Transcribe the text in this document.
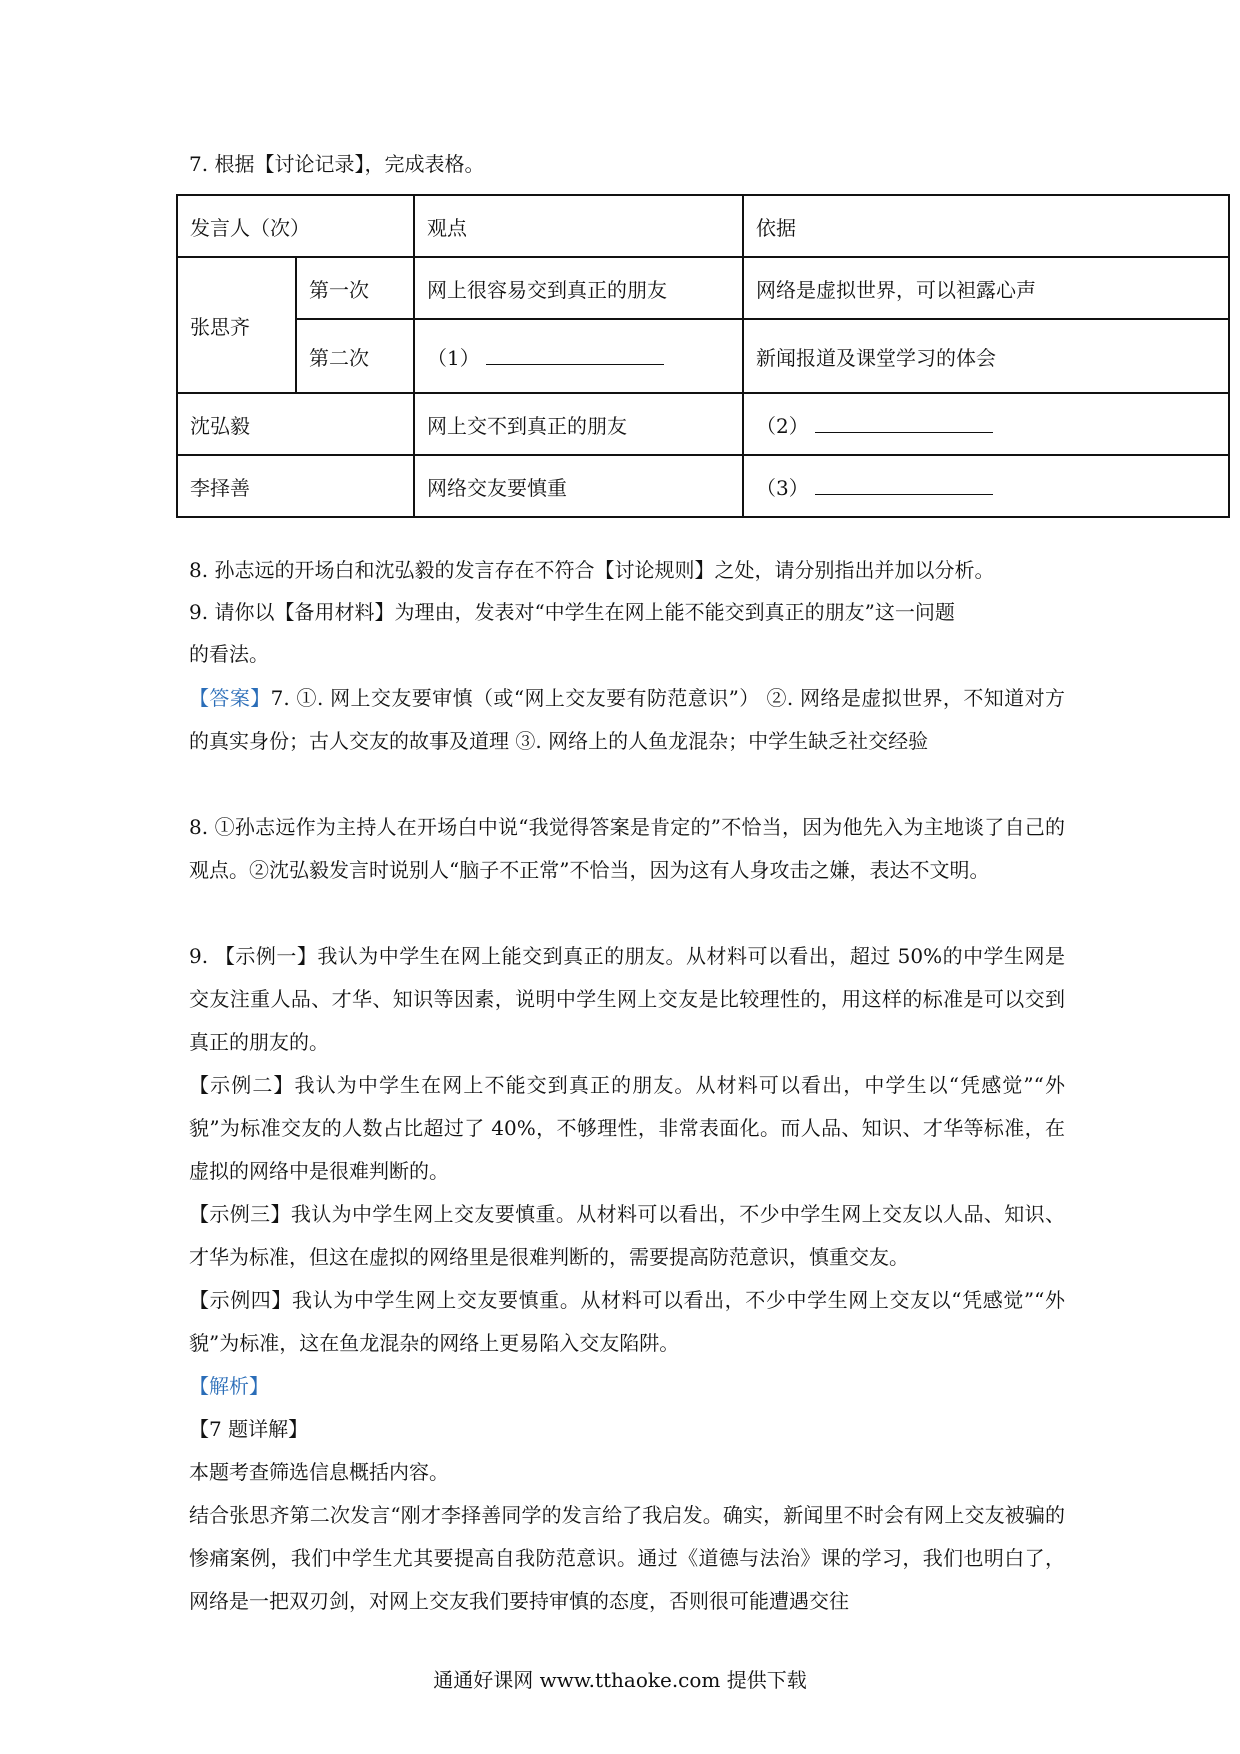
7. 根据【讨论记录】，完成表格。
发言人（次）		观点	依据
张思齐	第一次	网上很容易交到真正的朋友	网络是虚拟世界，可以袒露心声
	第二次	（1）	新闻报道及课堂学习的体会
沈弘毅		网上交不到真正的朋友	（2）
李择善		网络交友要慎重	（3）
8. 孙志远的开场白和沈弘毅的发言存在不符合【讨论规则】之处，请分别指出并加以分析。
9. 请你以【备用材料】为理由，发表对“中学生在网上能不能交到真正的朋友”这一问题
的看法。
【答案】7. ①. 网上交友要审慎（或“网上交友要有防范意识”） ②. 网络是虚拟世界，不知道对方的真实身份；古人交友的故事及道理 ③. 网络上的人鱼龙混杂；中学生缺乏社交经验
8. ①孙志远作为主持人在开场白中说“我觉得答案是肯定的”不恰当，因为他先入为主地谈了自己的观点。②沈弘毅发言时说别人“脑子不正常”不恰当，因为这有人身攻击之嫌，表达不文明。
9. 【示例一】我认为中学生在网上能交到真正的朋友。从材料可以看出，超过 50%的中学生网是交友注重人品、才华、知识等因素，说明中学生网上交友是比较理性的，用这样的标准是可以交到真正的朋友的。
【示例二】我认为中学生在网上不能交到真正的朋友。从材料可以看出，中学生以“凭感觉”“外貌”为标准交友的人数占比超过了 40%，不够理性，非常表面化。而人品、知识、才华等标准，在虚拟的网络中是很难判断的。
【示例三】我认为中学生网上交友要慎重。从材料可以看出，不少中学生网上交友以人品、知识、才华为标准，但这在虚拟的网络里是很难判断的，需要提高防范意识，慎重交友。
【示例四】我认为中学生网上交友要慎重。从材料可以看出，不少中学生网上交友以“凭感觉”“外貌”为标准，这在鱼龙混杂的网络上更易陷入交友陷阱。
【解析】
【7 题详解】
本题考查筛选信息概括内容。
结合张思齐第二次发言“刚才李择善同学的发言给了我启发。确实，新闻里不时会有网上交友被骗的惨痛案例，我们中学生尤其要提高自我防范意识。通过《道德与法治》课的学习，我们也明白了，网络是一把双刃剑，对网上交友我们要持审慎的态度，否则很可能遭遇交往
通通好课网 www.tthaoke.com 提供下载
